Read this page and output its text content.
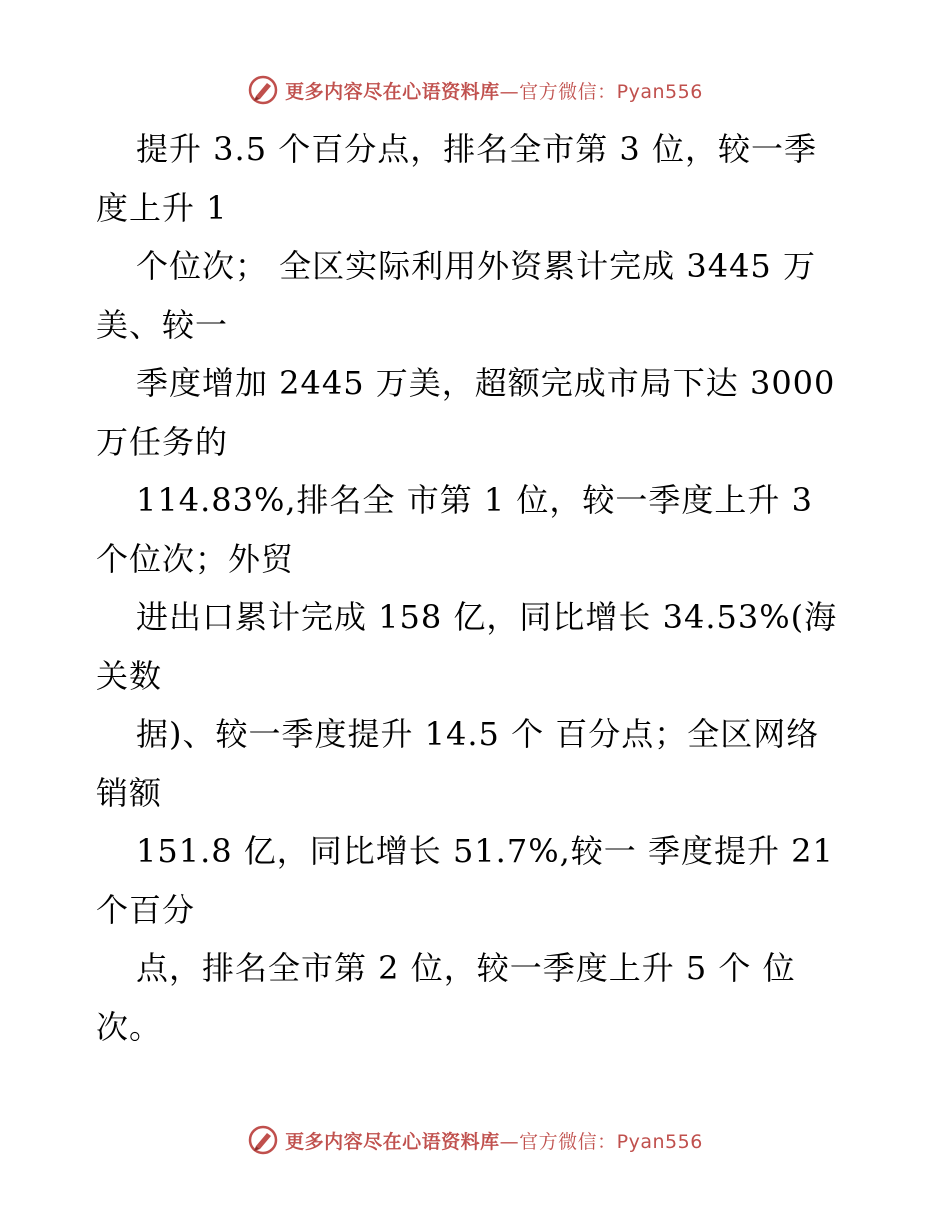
更多内容尽在心语资料库—官方微信：Pyan556
提升 3.5 个百分点，排名全市第 3 位，较一季
度上升 1
个位次； 全区实际利用外资累计完成 3445 万
美、较一
季度增加 2445 万美，超额完成市局下达 3000
万任务的
114.83%,排名全 市第 1 位，较一季度上升 3
个位次；外贸
进出口累计完成 158 亿，同比增长 34.53%(海
关数
据)、较一季度提升 14.5 个 百分点；全区网络
销额
151.8 亿，同比增长 51.7%,较一 季度提升 21
个百分
点，排名全市第 2 位，较一季度上升 5 个 位
次。
更多内容尽在心语资料库—官方微信：Pyan556
